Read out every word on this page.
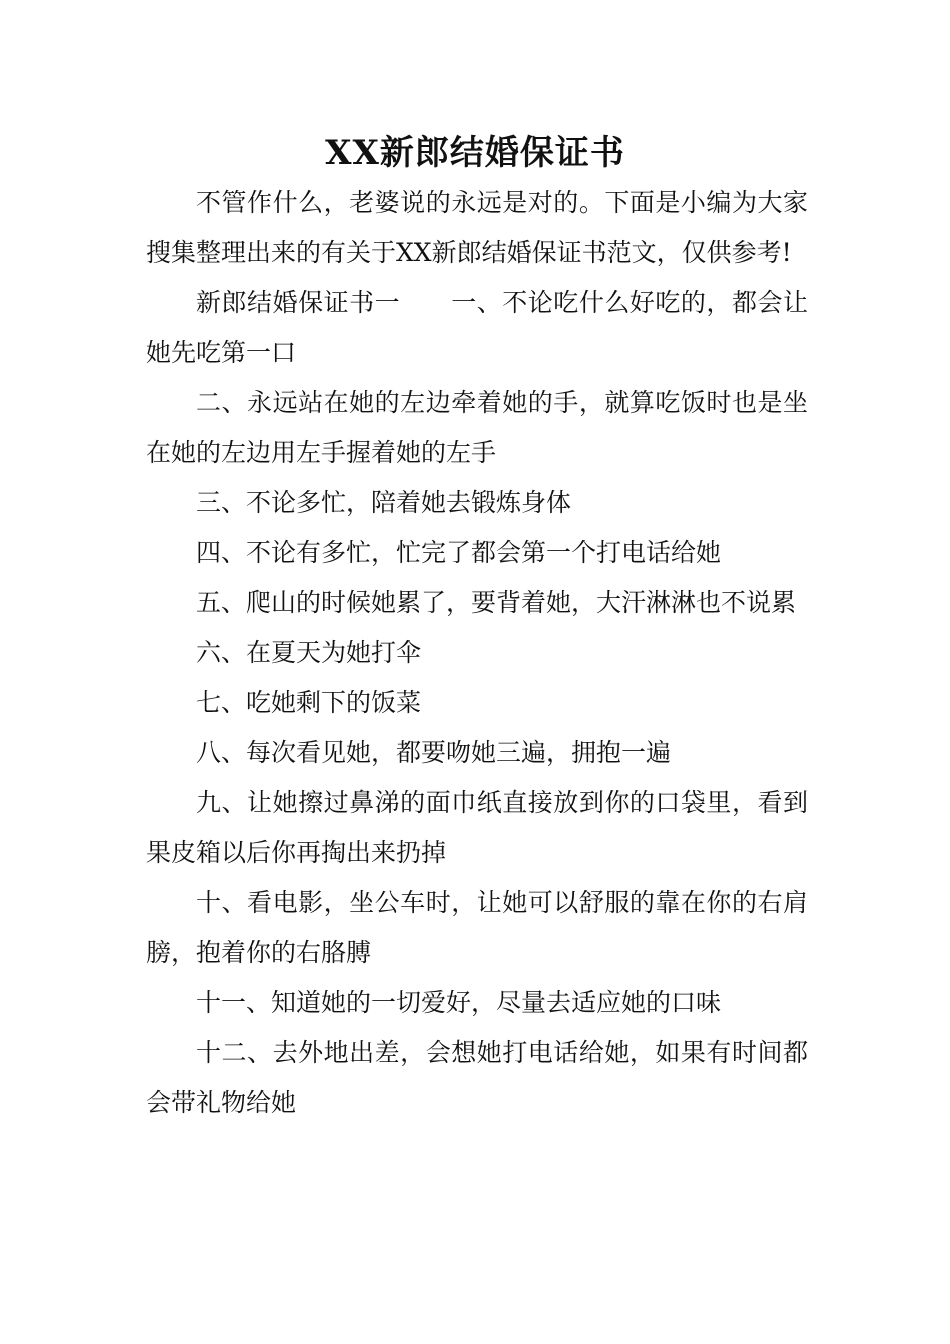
XX新郎结婚保证书

不管作什么，老婆说的永远是对的。下面是小编为大家搜集整理出来的有关于XX新郎结婚保证书范文，仅供参考!

新郎结婚保证书一　　一、不论吃什么好吃的，都会让她先吃第一口

二、永远站在她的左边牵着她的手，就算吃饭时也是坐在她的左边用左手握着她的左手

三、不论多忙，陪着她去锻炼身体

四、不论有多忙，忙完了都会第一个打电话给她

五、爬山的时候她累了，要背着她，大汗淋淋也不说累

六、在夏天为她打伞

七、吃她剩下的饭菜

八、每次看见她，都要吻她三遍，拥抱一遍

九、让她擦过鼻涕的面巾纸直接放到你的口袋里，看到果皮箱以后你再掏出来扔掉

十、看电影，坐公车时，让她可以舒服的靠在你的右肩膀，抱着你的右胳膊

十一、知道她的一切爱好，尽量去适应她的口味

十二、去外地出差，会想她打电话给她，如果有时间都会带礼物给她
